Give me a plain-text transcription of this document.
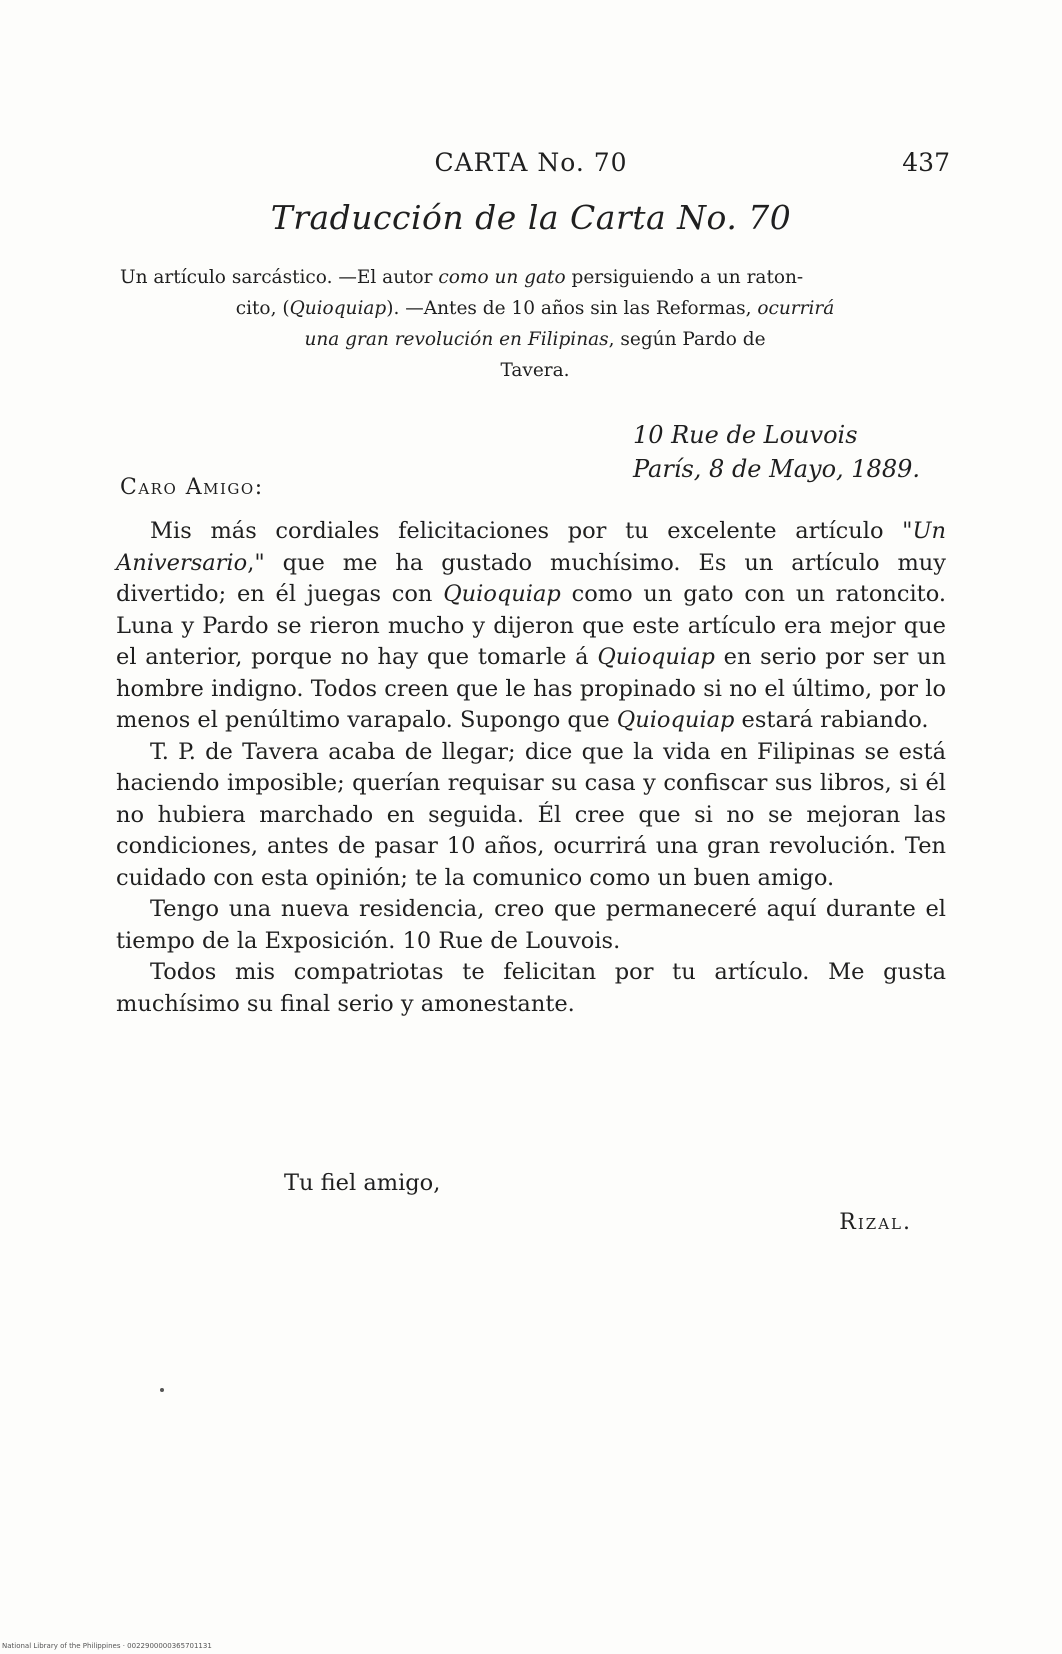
CARTA No. 70	437
Traducción de la Carta No. 70
Un artículo sarcástico. —El autor como un gato persiguiendo a un raton-
cito, (Quioquiap). —Antes de 10 años sin las Reformas, ocurrirá
una gran revolución en Filipinas, según Pardo de
Tavera.
10 Rue de Louvois
París, 8 de Mayo, 1889.
Caro Amigo:

Mis más cordiales felicitaciones por tu excelente artículo "Un Aniversario," que me ha gustado muchísimo. Es un artículo muy divertido; en él juegas con Quioquiap como un gato con un ratoncito. Luna y Pardo se rieron mucho y dijeron que este artículo era mejor que el anterior, porque no hay que tomarle á Quioquiap en serio por ser un hombre indigno. Todos creen que le has propinado si no el último, por lo menos el penúltimo varapalo. Supongo que Quioquiap estará rabiando.

T. P. de Tavera acaba de llegar; dice que la vida en Filipinas se está haciendo imposible; querían requisar su casa y confiscar sus libros, si él no hubiera marchado en seguida. Él cree que si no se mejoran las condiciones, antes de pasar 10 años, ocurrirá una gran revolución. Ten cuidado con esta opinión; te la comunico como un buen amigo.

Tengo una nueva residencia, creo que permaneceré aquí durante el tiempo de la Exposición. 10 Rue de Louvois.

Todos mis compatriotas te felicitan por tu artículo. Me gusta muchísimo su final serio y amonestante.

Tu fiel amigo,
Rizal.
National Library of the Philippines · 0022900000365701131
